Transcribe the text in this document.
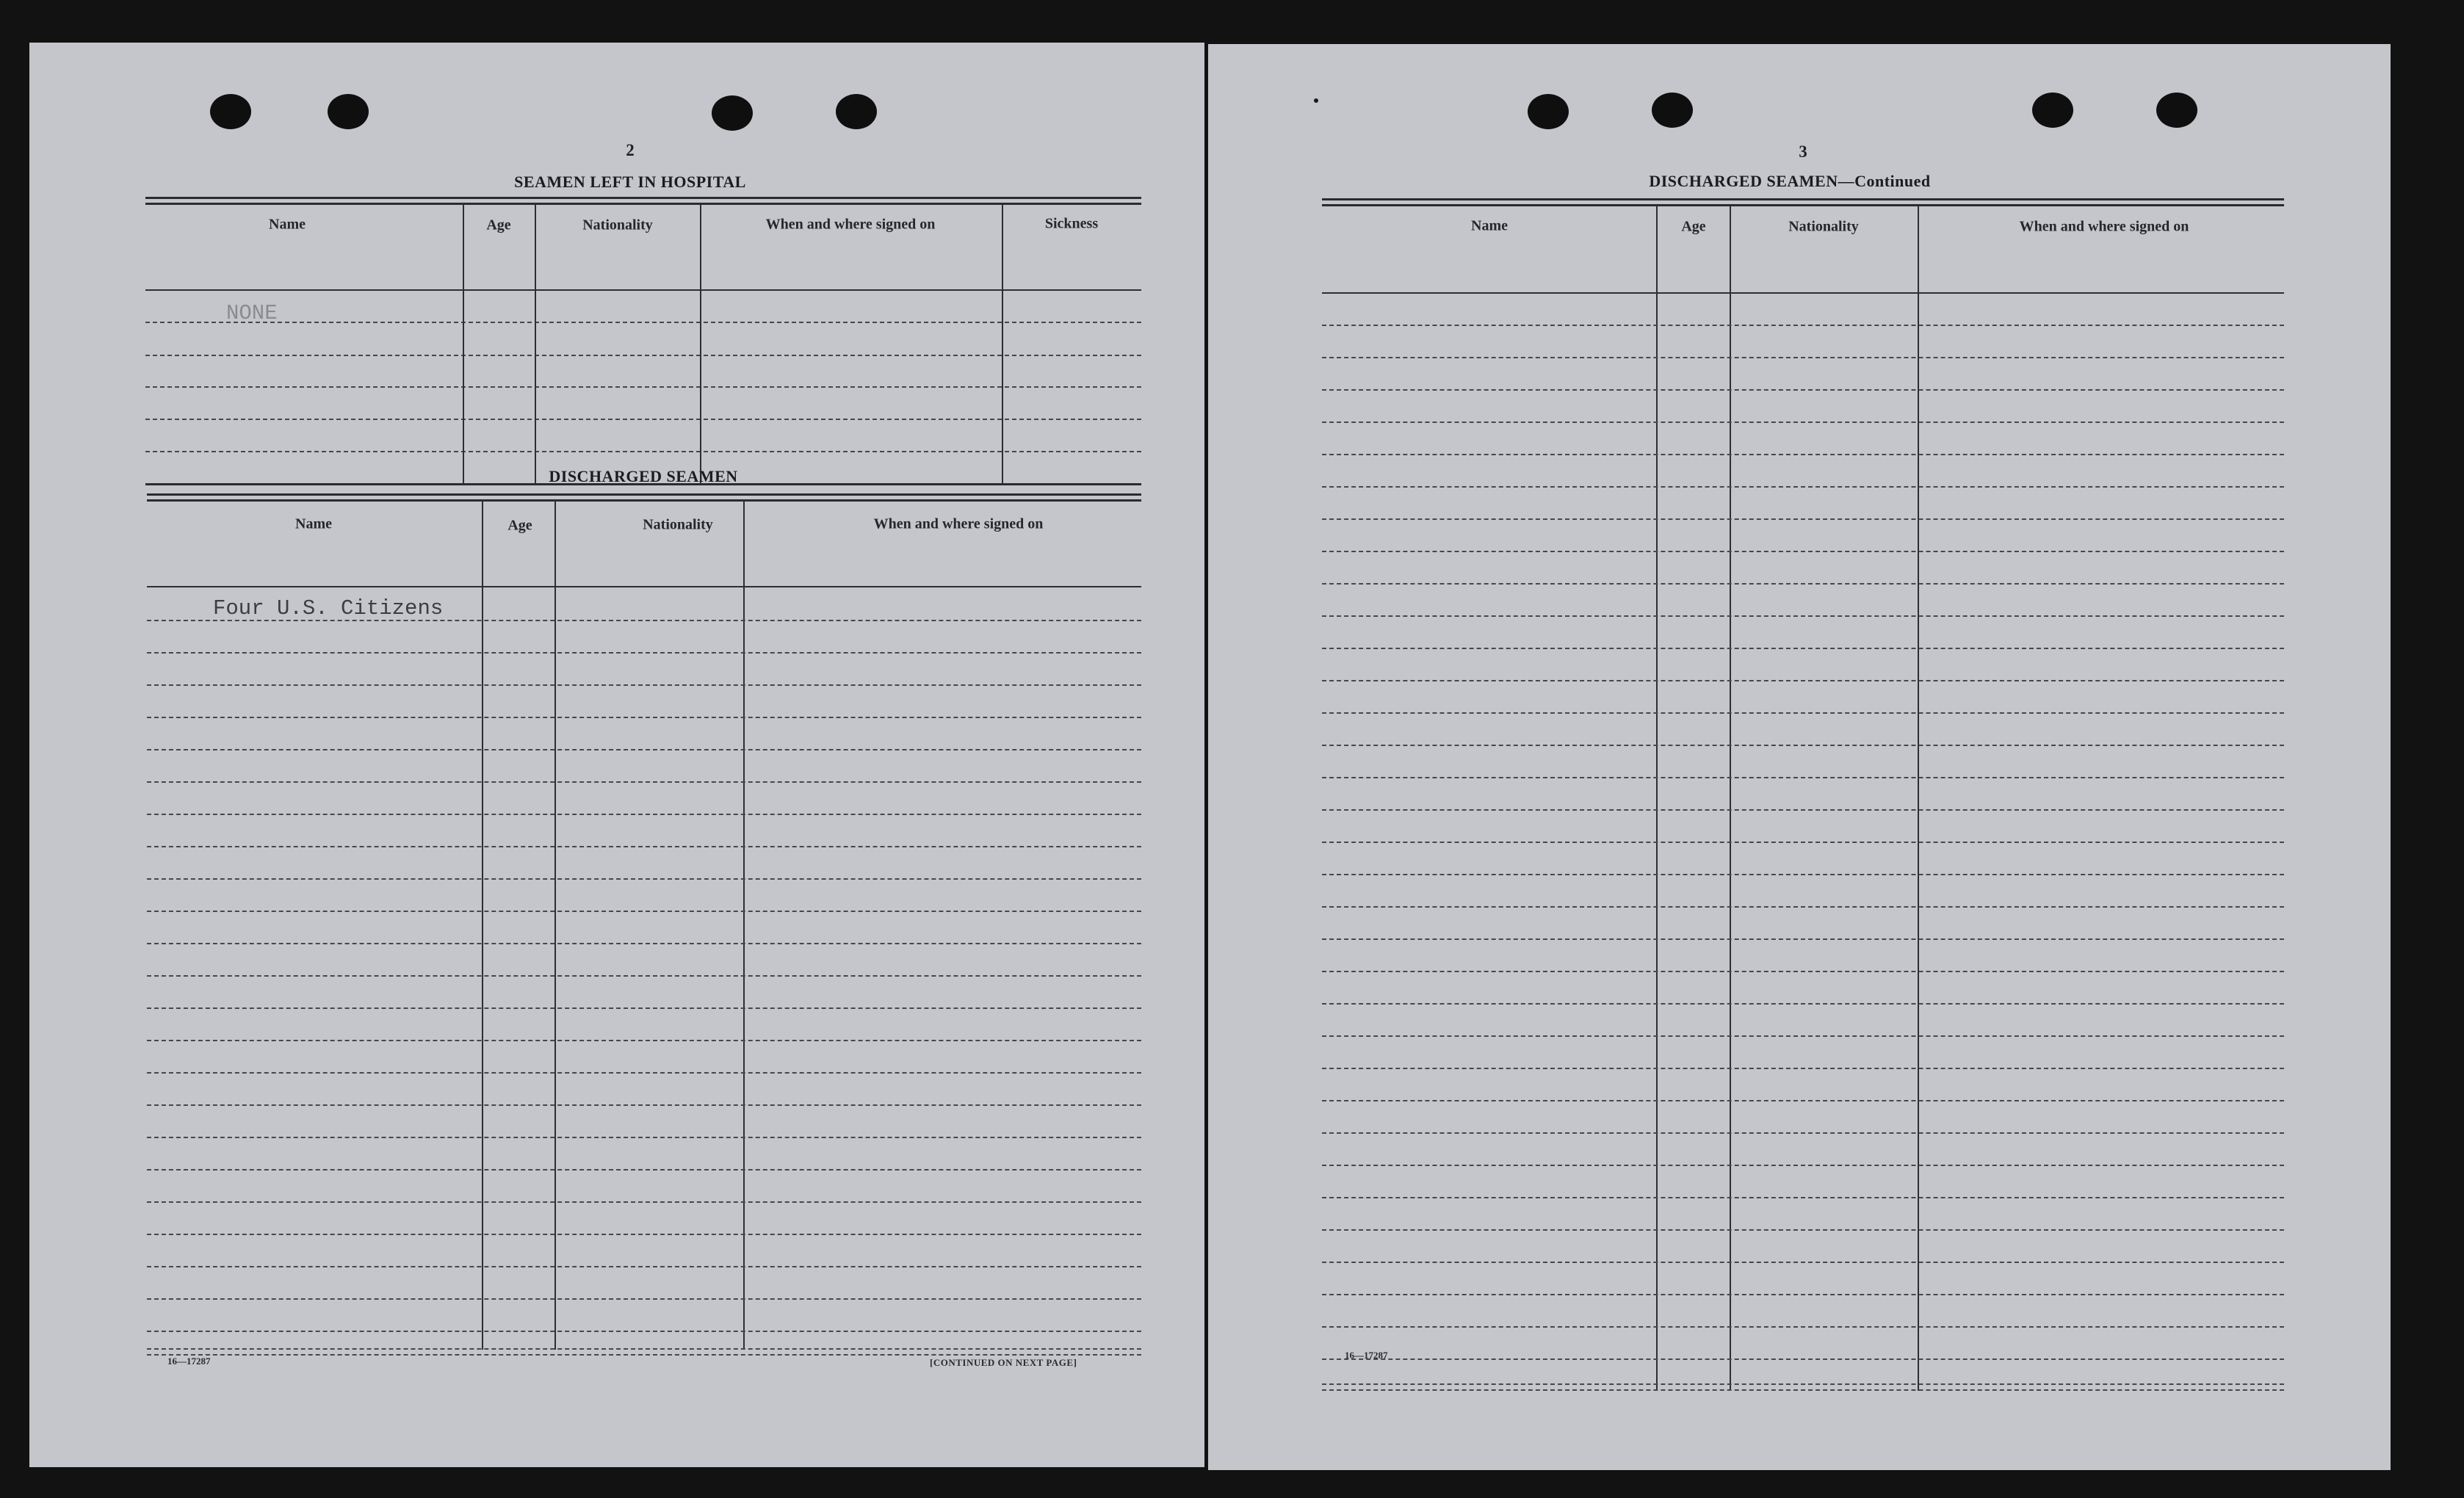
2
SEAMEN LEFT IN HOSPITAL
Name	Age	Nationality	When and where signed on	Sickness
NONE
DISCHARGED SEAMEN
Name	Age	Nationality	When and where signed on
Four U.S. Citizens
16—17287	[CONTINUED ON NEXT PAGE]
3
DISCHARGED SEAMEN—Continued
Name	Age	Nationality	When and where signed on
16—17287
